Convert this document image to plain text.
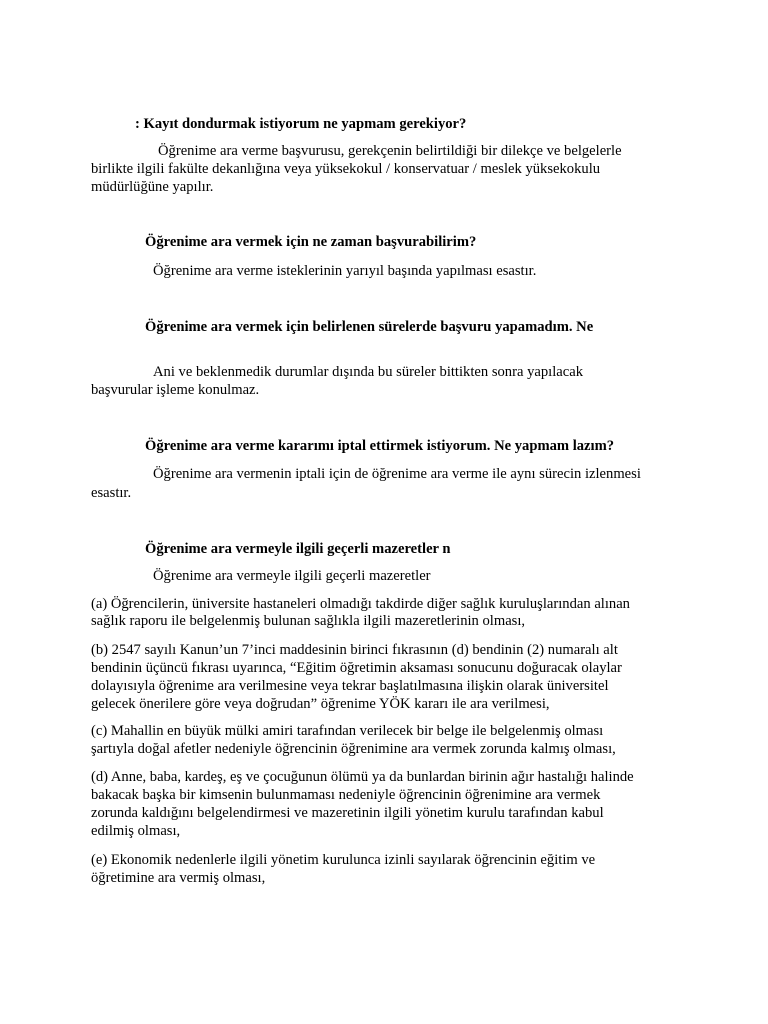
: Kayıt dondurmak istiyorum ne yapmam gerekiyor?
Öğrenime ara verme başvurusu, gerekçenin belirtildiği bir dilekçe ve belgelerle
birlikte ilgili fakülte dekanlığına veya yüksekokul / konservatuar / meslek yüksekokulu
müdürlüğüne yapılır.
Öğrenime ara vermek için ne zaman başvurabilirim?
Öğrenime ara verme isteklerinin yarıyıl başında yapılması esastır.
Öğrenime ara vermek için belirlenen sürelerde başvuru yapamadım. Ne
Ani ve beklenmedik durumlar dışında bu süreler bittikten sonra yapılacak
başvurular işleme konulmaz.
Öğrenime ara verme kararımı iptal ettirmek istiyorum. Ne yapmam lazım?
Öğrenime ara vermenin iptali için de öğrenime ara verme ile aynı sürecin izlenmesi
esastır.
Öğrenime ara vermeyle ilgili geçerli mazeretler n
Öğrenime ara vermeyle ilgili geçerli mazeretler
(a) Öğrencilerin, üniversite hastaneleri olmadığı takdirde diğer sağlık kuruluşlarından alınan
sağlık raporu ile belgelenmiş bulunan sağlıkla ilgili mazeretlerinin olması,
(b) 2547 sayılı Kanun’un 7’inci maddesinin birinci fıkrasının (d) bendinin (2) numaralı alt
bendinin üçüncü fıkrası uyarınca, “Eğitim öğretimin aksaması sonucunu doğuracak olaylar
dolayısıyla öğrenime ara verilmesine veya tekrar başlatılmasına ilişkin olarak üniversitel
gelecek önerilere göre veya doğrudan” öğrenime YÖK kararı ile ara verilmesi,
(c) Mahallin en büyük mülki amiri tarafından verilecek bir belge ile belgelenmiş olması
şartıyla doğal afetler nedeniyle öğrencinin öğrenimine ara vermek zorunda kalmış olması,
(d) Anne, baba, kardeş, eş ve çocuğunun ölümü ya da bunlardan birinin ağır hastalığı halinde
bakacak başka bir kimsenin bulunmaması nedeniyle öğrencinin öğrenimine ara vermek
zorunda kaldığını belgelendirmesi ve mazeretinin ilgili yönetim kurulu tarafından kabul
edilmiş olması,
(e) Ekonomik nedenlerle ilgili yönetim kurulunca izinli sayılarak öğrencinin eğitim ve
öğretimine ara vermiş olması,
